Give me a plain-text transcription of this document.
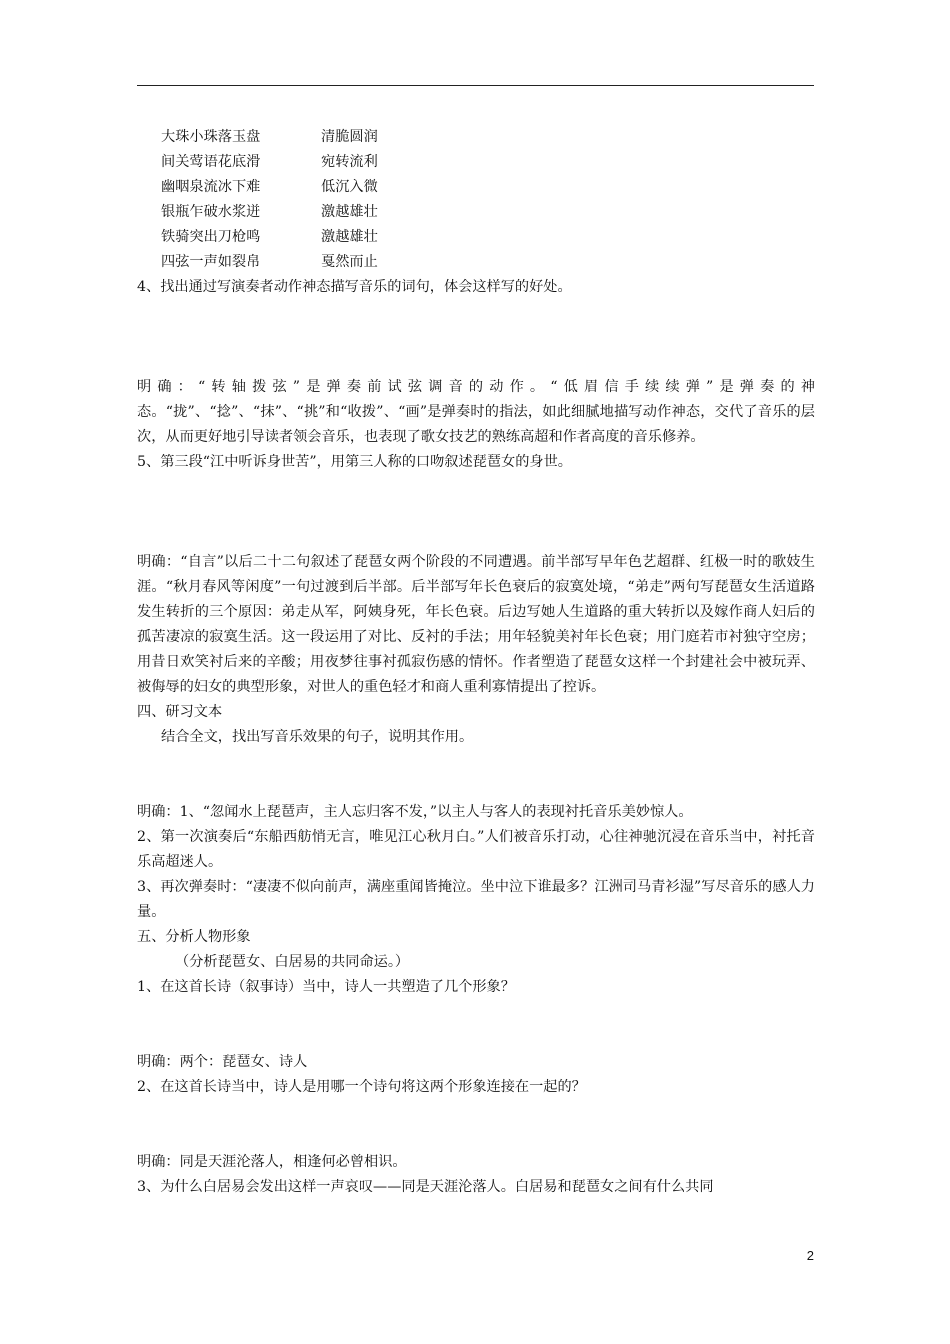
大珠小珠落玉盘	清脆圆润
间关莺语花底滑	宛转流利
幽咽泉流冰下难	低沉入微
银瓶乍破水浆迸	激越雄壮
铁骑突出刀枪鸣	激越雄壮
四弦一声如裂帛	戛然而止
4、找出通过写演奏者动作神态描写音乐的词句，体会这样写的好处。
明确：“转轴拨弦”是弹奏前试弦调音的动作。“低眉信手续续弹”是弹奏的神态。“拢”、“捻”、“抹”、“挑”和“收拨”、“画”是弹奏时的指法，如此细腻地描写动作神态，交代了音乐的层次，从而更好地引导读者领会音乐，也表现了歌女技艺的熟练高超和作者高度的音乐修养。
5、第三段“江中听诉身世苦”，用第三人称的口吻叙述琵琶女的身世。
明确：“自言”以后二十二句叙述了琵琶女两个阶段的不同遭遇。前半部写早年色艺超群、红极一时的歌妓生涯。“秋月春风等闲度”一句过渡到后半部。后半部写年长色衰后的寂寞处境，“弟走”两句写琵琶女生活道路发生转折的三个原因：弟走从军，阿姨身死，年长色衰。后边写她人生道路的重大转折以及嫁作商人妇后的孤苦凄凉的寂寞生活。这一段运用了对比、反衬的手法；用年轻貌美衬年长色衰；用门庭若市衬独守空房；用昔日欢笑衬后来的辛酸；用夜梦往事衬孤寂伤感的情怀。作者塑造了琵琶女这样一个封建社会中被玩弄、被侮辱的妇女的典型形象，对世人的重色轻才和商人重利寡情提出了控诉。
四、研习文本
结合全文，找出写音乐效果的句子，说明其作用。
明确：1、“忽闻水上琵琶声，主人忘归客不发，”以主人与客人的表现衬托音乐美妙惊人。
2、第一次演奏后“东船西舫悄无言，唯见江心秋月白。”人们被音乐打动，心往神驰沉浸在音乐当中，衬托音乐高超迷人。
3、再次弹奏时：“凄凄不似向前声，满座重闻皆掩泣。坐中泣下谁最多？江洲司马青衫湿”写尽音乐的感人力量。
五、分析人物形象
（分析琵琶女、白居易的共同命运。）
1、在这首长诗（叙事诗）当中，诗人一共塑造了几个形象？
明确：两个：琵琶女、诗人
2、在这首长诗当中，诗人是用哪一个诗句将这两个形象连接在一起的？
明确：同是天涯沦落人，相逢何必曾相识。
3、为什么白居易会发出这样一声哀叹——同是天涯沦落人。白居易和琵琶女之间有什么共同
2
